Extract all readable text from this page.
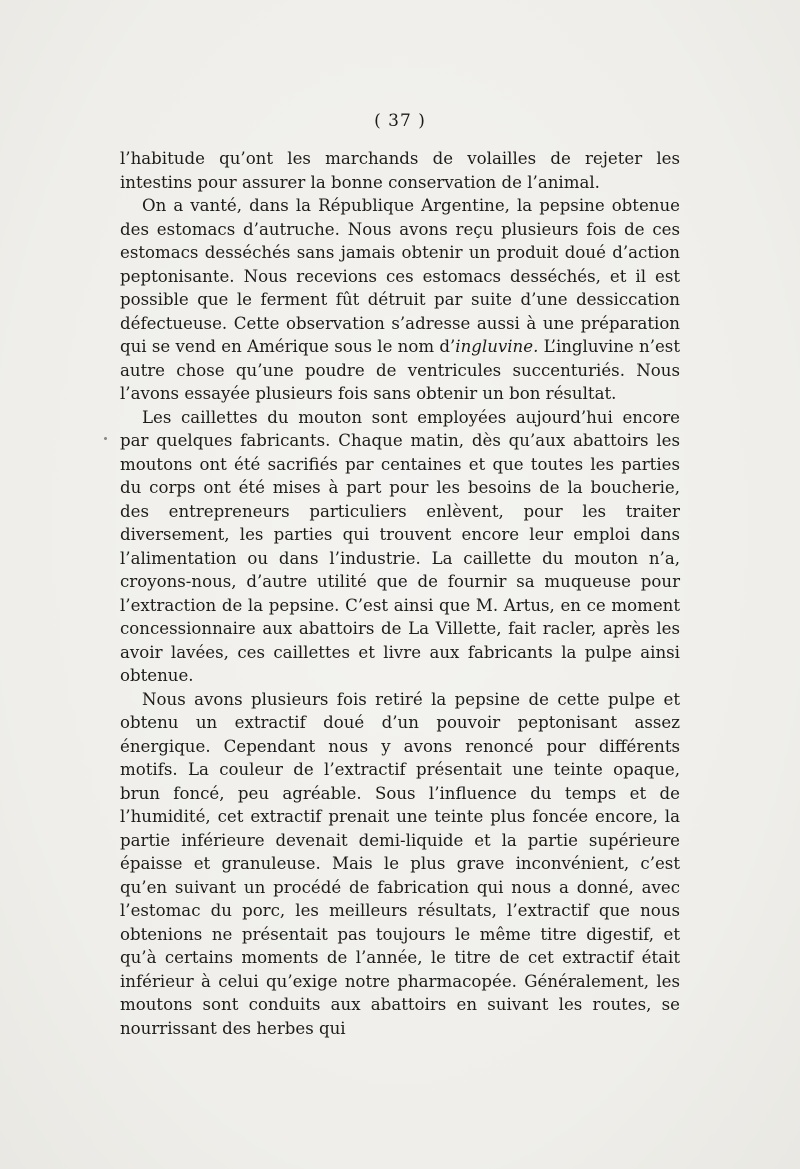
( 37 )

l’habitude qu’ont les marchands de volailles de rejeter les intestins pour assurer la bonne conservation de l’animal.

On a vanté, dans la République Argentine, la pepsine obtenue des estomacs d’autruche. Nous avons reçu plusieurs fois de ces estomacs desséchés sans jamais obtenir un produit doué d’action peptonisante. Nous recevions ces estomacs desséchés, et il est possible que le ferment fût détruit par suite d’une dessiccation défectueuse. Cette observation s’adresse aussi à une préparation qui se vend en Amérique sous le nom d’ingluvine. L’ingluvine n’est autre chose qu’une poudre de ventricules succenturiés. Nous l’avons essayée plusieurs fois sans obtenir un bon résultat.

Les caillettes du mouton sont employées aujourd’hui encore par quelques fabricants. Chaque matin, dès qu’aux abattoirs les moutons ont été sacrifiés par centaines et que toutes les parties du corps ont été mises à part pour les besoins de la boucherie, des entrepreneurs particuliers enlèvent, pour les traiter diversement, les parties qui trouvent encore leur emploi dans l’alimentation ou dans l’industrie. La caillette du mouton n’a, croyons-nous, d’autre utilité que de fournir sa muqueuse pour l’extraction de la pepsine. C’est ainsi que M. Artus, en ce moment concessionnaire aux abattoirs de La Villette, fait racler, après les avoir lavées, ces caillettes et livre aux fabricants la pulpe ainsi obtenue.

Nous avons plusieurs fois retiré la pepsine de cette pulpe et obtenu un extractif doué d’un pouvoir peptonisant assez énergique. Cependant nous y avons renoncé pour différents motifs. La couleur de l’extractif présentait une teinte opaque, brun foncé, peu agréable. Sous l’influence du temps et de l’humidité, cet extractif prenait une teinte plus foncée encore, la partie inférieure devenait demi-liquide et la partie supérieure épaisse et granuleuse. Mais le plus grave inconvénient, c’est qu’en suivant un procédé de fabrication qui nous a donné, avec l’estomac du porc, les meilleurs résultats, l’extractif que nous obtenions ne présentait pas toujours le même titre digestif, et qu’à certains moments de l’année, le titre de cet extractif était inférieur à celui qu’exige notre pharmacopée. Généralement, les moutons sont conduits aux abattoirs en suivant les routes, se nourrissant des herbes qui
